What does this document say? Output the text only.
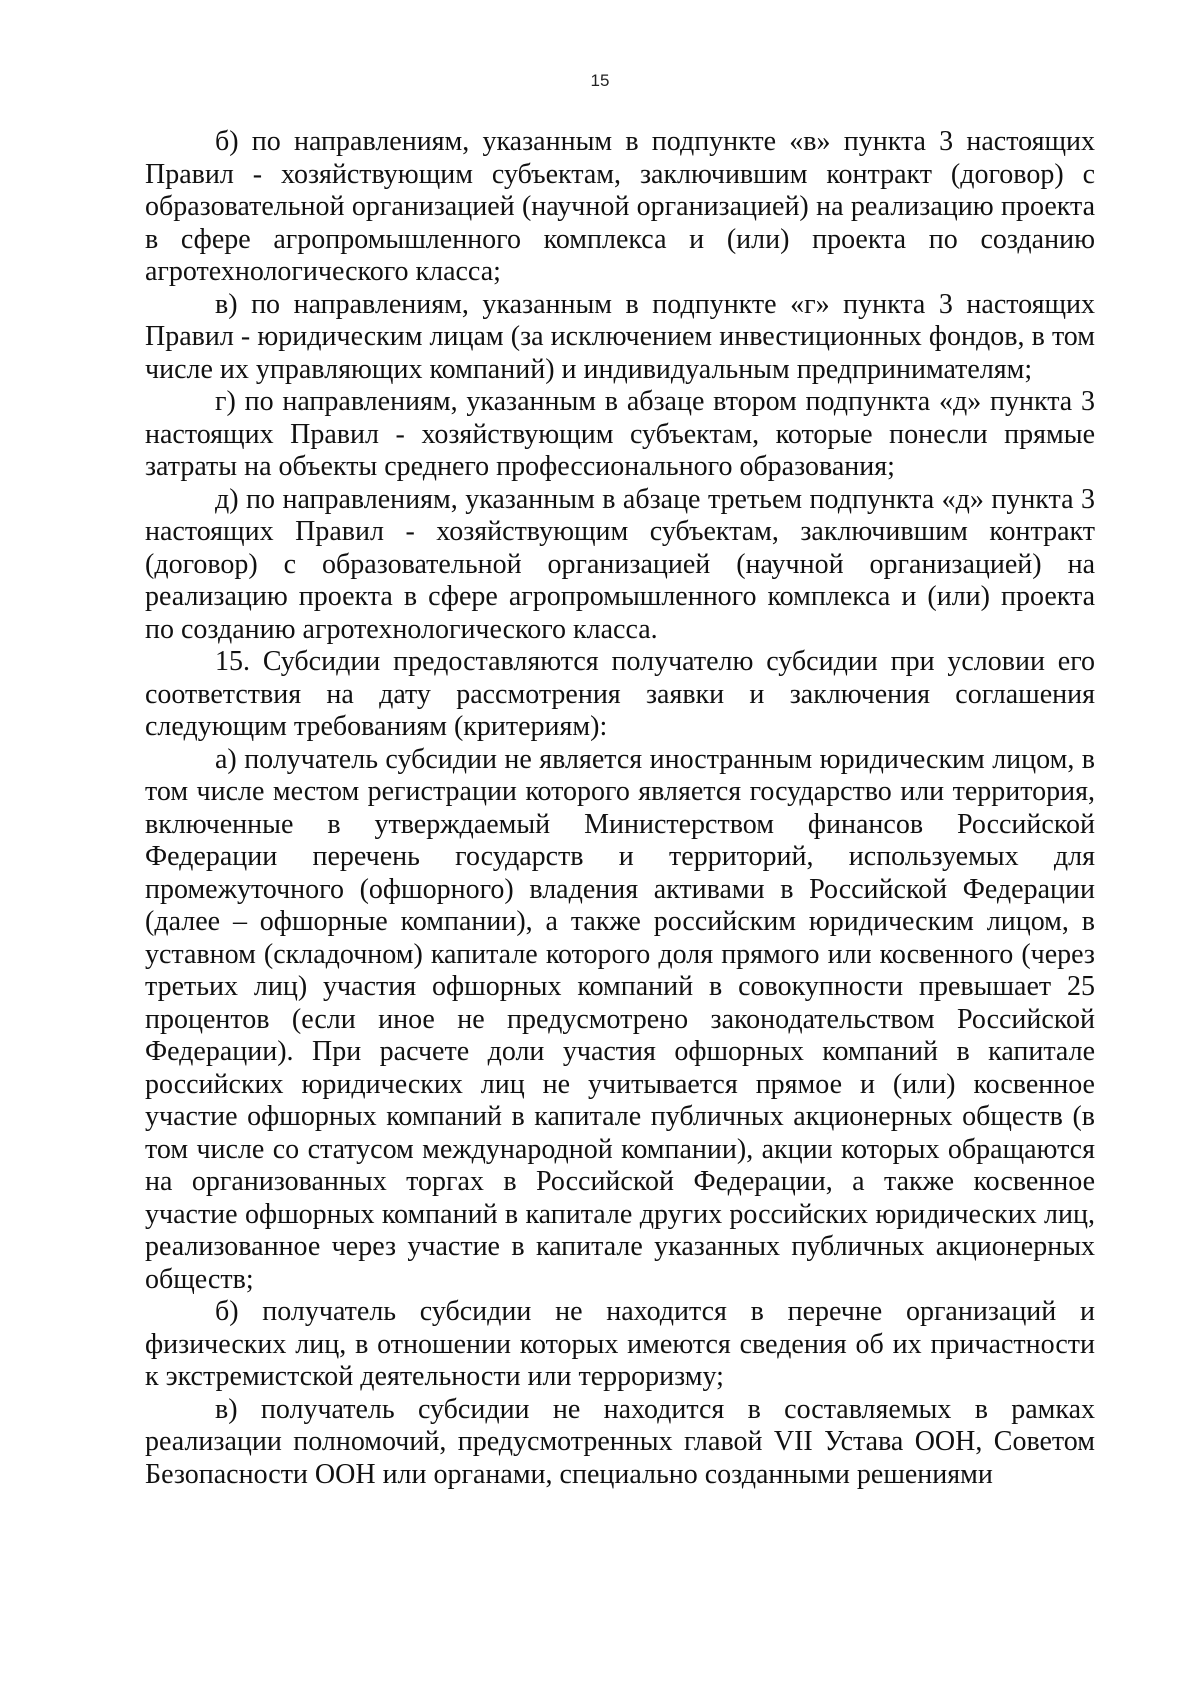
15

б) по направлениям, указанным в подпункте «в» пункта 3 настоящих Правил - хозяйствующим субъектам, заключившим контракт (договор) с образовательной организацией (научной организацией) на реализацию проекта в сфере агропромышленного комплекса и (или) проекта по созданию агротехнологического класса;

в) по направлениям, указанным в подпункте «г» пункта 3 настоящих Правил - юридическим лицам (за исключением инвестиционных фондов, в том числе их управляющих компаний) и индивидуальным предпринимателям;

г) по направлениям, указанным в абзаце втором подпункта «д» пункта 3 настоящих Правил - хозяйствующим субъектам, которые понесли прямые затраты на объекты среднего профессионального образования;

д) по направлениям, указанным в абзаце третьем подпункта «д» пункта 3 настоящих Правил - хозяйствующим субъектам, заключившим контракт (договор) с образовательной организацией (научной организацией) на реализацию проекта в сфере агропромышленного комплекса и (или) проекта по созданию агротехнологического класса.

15. Субсидии предоставляются получателю субсидии при условии его соответствия на дату рассмотрения заявки и заключения соглашения следующим требованиям (критериям):

а) получатель субсидии не является иностранным юридическим лицом, в том числе местом регистрации которого является государство или территория, включенные в утверждаемый Министерством финансов Российской Федерации перечень государств и территорий, используемых для промежуточного (офшорного) владения активами в Российской Федерации (далее – офшорные компании), а также российским юридическим лицом, в уставном (складочном) капитале которого доля прямого или косвенного (через третьих лиц) участия офшорных компаний в совокупности превышает 25 процентов (если иное не предусмотрено законодательством Российской Федерации). При расчете доли участия офшорных компаний в капитале российских юридических лиц не учитывается прямое и (или) косвенное участие офшорных компаний в капитале публичных акционерных обществ (в том числе со статусом международной компании), акции которых обращаются на организованных торгах в Российской Федерации, а также косвенное участие офшорных компаний в капитале других российских юридических лиц, реализованное через участие в капитале указанных публичных акционерных обществ;

б) получатель субсидии не находится в перечне организаций и физических лиц, в отношении которых имеются сведения об их причастности к экстремистской деятельности или терроризму;

в) получатель субсидии не находится в составляемых в рамках реализации полномочий, предусмотренных главой VII Устава ООН, Советом Безопасности ООН или органами, специально созданными решениями
